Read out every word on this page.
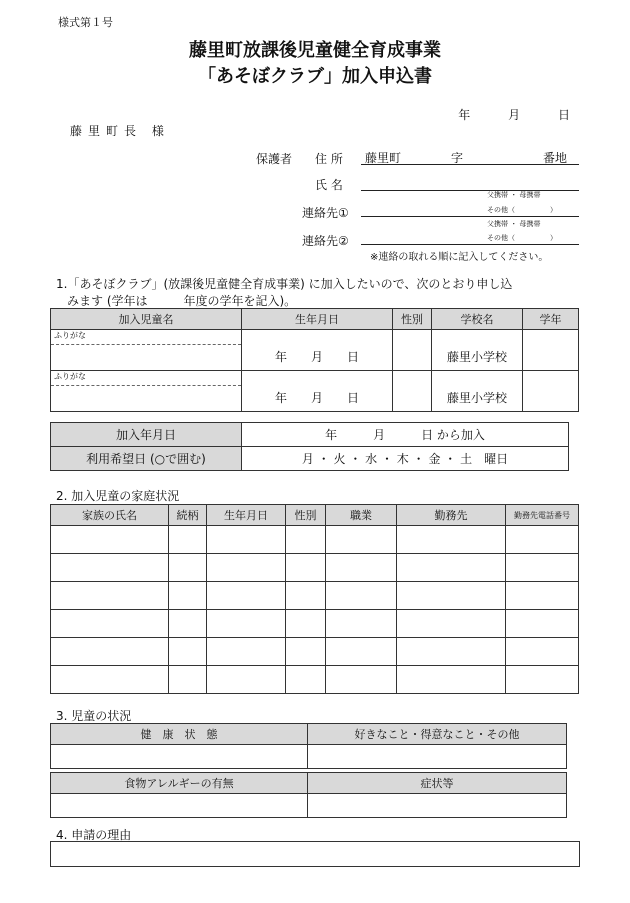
様式第１号
藤里町放課後児童健全育成事業
「あそぼクラブ」加入申込書
年	月	日
藤里町長 様
保護者 住 所 藤里町	字	番地
氏 名
連絡先①
父携帯 ・ 母携帯
その他（　　　　　）
連絡先②
父携帯 ・ 母携帯
その他（　　　　　）
※連絡の取れる順に記入してください。
1.「あそぼクラブ」(放課後児童健全育成事業) に加入したいので、次のとおり申し込
みます (学年は　　　年度の学年を記入)。
加入児童名	生年月日	性別	学校名	学年

ふりがな	年　　月　　日		藤里小学校	

ふりがな	年　　月　　日		藤里小学校	
加入年月日	年　　　月　　　日 から加入
利用希望日 (○で囲む)	月 ・ 火 ・ 水 ・ 木 ・ 金 ・ 土　曜日
2. 加入児童の家庭状況
家族の氏名	続柄	生年月日	性別	職業	勤務先	勤務先電話番号

3. 児童の状況
健　康　状　態	好きなこと・得意なこと・その他

食物アレルギーの有無	症状等

4. 申請の理由
